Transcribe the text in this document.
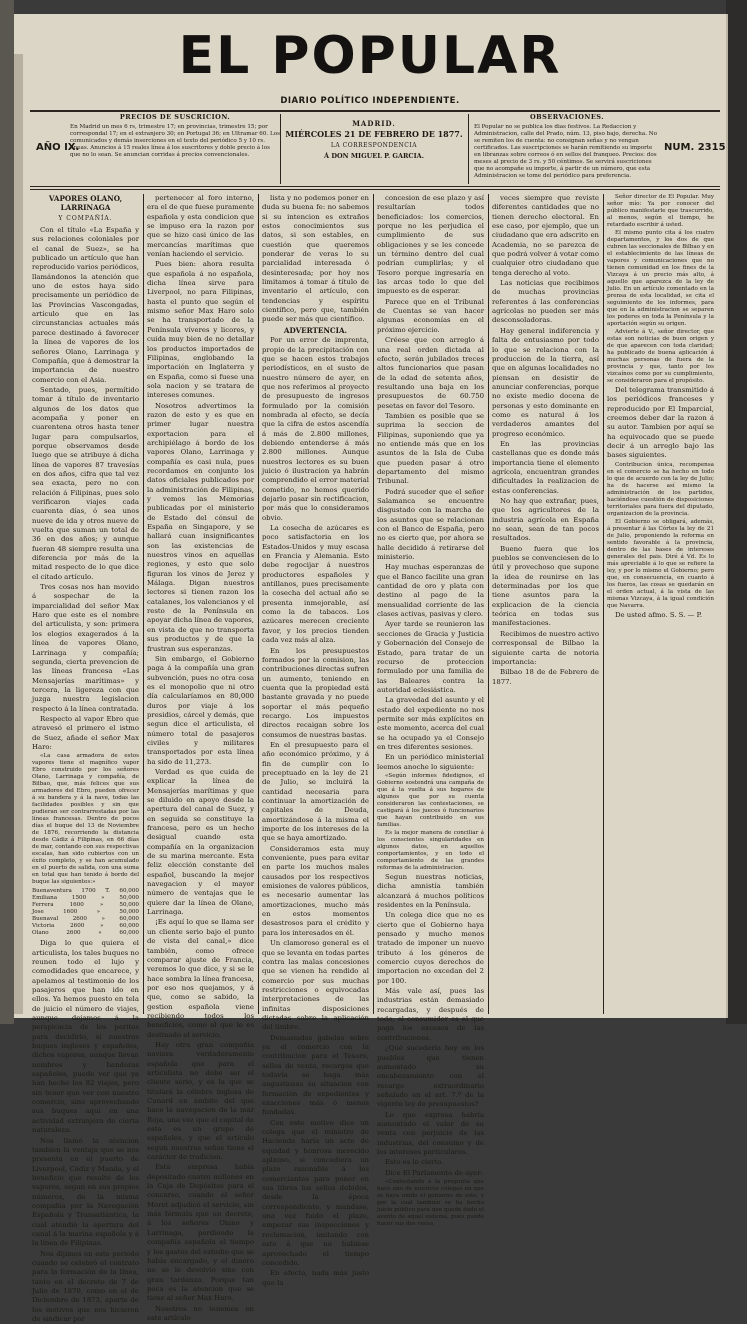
EL POPULAR
DIARIO POLÍTICO INDEPENDIENTE.
PRECIOS DE SUSCRICION.
En Madrid un mes 6 rs, trimestre 17; en provincias, trimestre 15; por correspondal 17; en el extranjero 30; en Portugal 36; en Ultramar 60. Los comunicados y demás inserciones en el texto del periódico 5 y 10 rs. líneas. Anuncios á 15 reales línea á los suscritores y doble precio á los que no lo sean. Se anuncian corridas á precios convencionales.
AÑO IX.
MADRID.
MIÉRCOLES 21 DE FEBRERO DE 1877.
LA CORRESPONDENCIA
Á DON MIGUEL P. GARCIA.
OBSERVACIONES.
El Popular no se publica los dias festivos. La Redaccion y Administracion, calle del Prado, núm. 13, piso bajo, derecha. No se remiten los de cuenta: no consignan señas y no vengan certificados. Las suscripciones se harán remitiendo su importe en libranzas sobre correos ó en sellos del franqueo. Precios: dos meses al precio de 3 rs. y 50 céntimos. Se servirá suscriciones que no acompañe su importe, á partir de un número, que esta Administracion se tome del periódico para preferencia.
NUM. 2315

VAPORES OLANO, LARRINAGA

Y COMPAÑÍA.

Con el título «La España y sus relaciones coloniales por el canal de Suez», se ha publicado un artículo que han reproducido varios periódicos, llamándonos la atención que uno de estos haya sido precisamente un periódico de las Provincias Vascongadas, artículo que en las circunstancias actuales más parece destinado á favorecer la línea de vapores de los señores Olano, Larrinaga y Compañía, que á demostrar la importancia de nuestro comercio con el Asia.

Sentado, pues, permítido tomar á título de inventario algunos de los datos que acompaña y poner en cuarentena otros hasta tener lugar para compulsarlos, porque observamos desde luego que se atribuye á dicha línea de vapores 87 travesías en dos años, cifra que tal vez sea exacta, pero no con relación á Filipinas, pues solo verificaron viajes cada cuarenta días, ó sea unos nueve de ida y otros nueve de vuelta que suman un total de 36 en dos años; y aunque fueran 48 siempre resulta una diferencia por más de la mitad respecto de lo que dice el citado artículo.

Tres cosas nos han movido á sospechar de la imparcialidad del señor Max Haro que este es el nombre del articulista, y son: primera los elogios exagerados á la línea de vapores Olano, Larrinaga y compañía; segunda, cierta prevencion de las líneas francesa «Las Mensajerías marítimas» y tercera, la ligereza con que juzga nuestra legislacion respecto á la línea contratada.

Respecto al vapor Ebro que atravesó el primero el istmo de Suez, añade el señor Max Haro:

«La casa armadora de estos vapores tiene el magnífico vapor Ebro construido por los señores Olano, Larrinaga y compañía, de Bilbao, que, más felices que sus armadores del Ebro, pueden ofrecer á su bandera y á la nave, todas las facilidades posibles y sin que pudieran ser contrarrestadas por las líneas francesas. Dentro de pocos días el buque del 13 de Noviembre de 1876, recorriendo la distancia desde Cádiz á Filipinas, en 66 días de mar, contando con sus respectivas escalas, han sido cubiertos con un éxito completo, y se han acumulado en el puerto de salida, con una suma en total que han tenido á bordo del buque las siguientes:»

Buenaventura 1700 T. 60,000
Emiliana	1500	»	50,000
Ferrera	1600	»	50,000
Jose	1600	»	50,000
Buenaval	2600	»	60,000
Victoria	2600	»	60,000
Olano	2600	»	60,000

Diga lo que quiera el articulista, los tales buques no reunen todo el lujo y comodidades que encarece, y apelamos al testimonio de los pasajeros que han ido en ellos. Ya hemos puesto en tela de juicio el número de viajes, aunque dejamos á la perspicacia de los peritos para decidirlo, si nuestros buques ingleses y españoles, dichos vapores, aunque llevan nombres y banderas españoles, puede ver que ya han hecho los 82 viajes, pero sin tener que ver con nuestro comercio, sino aprovechando sus buques aquí en una actividad extranjera de cierta naturaleza.

Nos llamó la atencion tambien la ventaja que se nos presenta en el puerto de Liverpool, Cádiz y Manila, y el beneficio que resultó de los vapores, segun en sus propios números, de la misma compañía por la Navegación Española y Transatlántica, la cual atendió la apertura del canal á la marina española y á la línea de Filipinas.

Nos dijimos en este periodo cuando se celebró el contrato para la formación de la línea, tanto en el decreto de 7 de Julio de 1870, como en el de Diciembre de 1873, aparte de los motivos que nos hicieron de sindicar por

pertenecer al foro interno, era el de que fuese puramente española y esta condicion que se impuso era la razon por que se hizo casi único de las mercancías marítimas que venían haciendo el servicio.

Pues bien: ahora resulta que española á no española, dicha línea sirve para Liverpool, no para Filipinas, hasta el punto que según el mismo señor Max Haro solo se ha transportado de la Península víveres y licores, y cuida muy bien de no detallar los productos importados de Filipinas, englobando la importación en Inglaterra y en España, como si fuese una sola nacion y se tratara de intereses comunes.

Nosotros advertimos la razon de esto y es que en primer lugar nuestra exportacion para el archipiélago á bordo de los vapores Olano, Larrinaga y compañía es casi nula, pues recordamos en conjunto los datos oficiales publicados por la administración de Filipinas, y vemos las Memorias publicadas por el ministerio de Estado del cónsul de España en Singapore, y se hallará cuan insignificantes son las existencias de nuestros vinos en aquellas regiones, y esto que solo figuran los vinos de Jerez y Málaga. Digan nuestros lectores si tienen razon los catalanes, los valencianos y el resto de la Península en apoyar dicha línea de vapores, en vista de que no transporta sus productos y de que la frustran sus esperanzas.

Sin embargo, el Gobierno paga á la compañía una gran subvención, pues no otra cosa es el monopolio que ni otro día calcularíamos en 80,000 duros por viaje á los presidios, cárcel y demás, que segun dice el articulista, el número total de pasajeros civiles y militares transportados por esta línea ha sido de 11,273.

Verdad es que cuida de explicar la línea de Mensajerías marítimas y que se diluido en apoyo desde la apertura del canal de Suez, y en seguida se constituye la francesa, pero es un hecho desigual cuando esta compañía en la organizacion de su marina mercante. Esta feliz elección constante del español, buscando la mejor navegacion y el mayor número de ventajas que le quiere dar la línea de Olano, Larrinaga.

¡Es aquí lo que se llama ser un cliente serio bajo el punto de vista del canal,» dice también, como ofrece comparar ajuste de Francia, veremos lo que dice, y si se le hace sombra la línea francesa, por eso nos quejamos, y á que, como se sabido, la gestion española viene recibiendo todos los beneficios, como al que le es destinado el servicio.

Hay otra gran compañía naviera verdaderamente española que para el articulista no debe ser el cliente serio, y es la que se titulará la célebre inglesa de Cunard en ámbito del que hace la navegacion de la mar Roja, una vez que el capital de esta es un grupo de españoles, y que el artículo segun nuestras señas tiene el carácter de tradicion.

Esta empresa había depositado cuatro millones en la Caja de Depósitos para el concurso, cuando el señor Moret adjudicó el servicio, sin más fórmula que un decreto, á los señores Olano y Larrinaga, perdiendo la compañía española el tiempo y los gastos del estudio que se había encargado, y el dinero no se le devolvió sino con gran tardanza. Porque tan poca es la atencion que se tiene al señor Max Haro.

Nosotros no tenemos en este artículo

lista y no podemos poner en duda su buena fe: no sabemos si su intencion es extraños estos conocimientos sus datos, si son estables, en cuestión que queremos ponderar de veras lo su parcialidad interesada ó desinteresada; por hoy nos limitamos á tomar á título de inventario el artículo, con tendencias y espíritu científico, pero que, también puede ser más que científico.

ADVERTENCIA.

Por un error de imprenta, propio de la precipitación con que se hacen estos trabajos periodísticos, en el susto de nuestro número de ayer, en que nos referimos al proyecto de presupuesto de ingresos formulado por la comisión nombrada al efecto, se decía que la cifra de estos ascendía á más de 2.800 millones, debiendo entenderse á más 2.800 millones. Aunque nuestros lectores es su buen juicio ó ilustracion ya habrán comprendido el error material cometido, no hemos querido dejarlo pasar sin rectificacion, por más que lo consideramos obvio.

La cosecha de azúcares es poco satisfactoria en los Estados-Unidos y muy escasa en Francia y Alemania. Esto debe regocijar á nuestros productores españoles y antillanos, pues precisamente la cosecha del actual año se presenta inmejorable, así como la de tabacos. Los azúcares merecen creciente favor, y los precios tienden cada vez más al alza.

En los presupuestos formados por la comision, las contribuciones directas sufren un aumento, teniendo en cuenta que la propiedad está bastante gravada y no puede soportar el más pequeño recargo. Los impuestos directos recaigan sobre los consumos de nuestras bastas.

En el presupuesto para el año económico próximo, y á fin de cumplir con lo preceptuado en la ley de 21 de Julio, se incluirá la cantidad necesaria para continuar la amortización de capitales de Deuda, amortizándose á la misma el importe de los intereses de la que se haya amortizado.

Consideramos esta muy conveniente, pues para evitar en parte los muchos males causados por los respectivos emisiones de valores públicos, es necesario aumentar las amortizaciones, mucho más en estos momentos desastrosos para el crédito y para los interesados en él.

Un clamoroso general es el que se levanta en todas partes contra las malas concesiones que se vienen ha rendido al comercio por sus muchas restricciones o equivocadas interpretaciones de las infinitas disposiciones dictadas sobre la aplicación del timbre.

Demasiadas gabelas sobre ya el comercio con la contribucion para el Tesoro, sellos de venta, recargos que todavía se haga más angustiosas su situacion con formación de expedientes y exacciones más ó menos fundadas.

Con este motivo dice un colega que el ministro de Hacienda haría un acto de equidad y honrosa merecido aplauso, si concediera un plazo razonable á los comerciantes para poner en sus libros los sellos debidos, desde la época correspondiente, y mandase, una vez fuido el plazo, empezar sus inspecciones y reclamacion, imitando con esto á que no hubiese aprovechado el tiempo concedido.

En efecto, nada más justo que la

concesion de ese plazo y así resultarían todos beneficiados: los comercios, porque no les perjudica el cumplimiento de sus obligaciones y se les concede un término dentro del cual podrían cumplirlas; y el Tesoro porque ingresaría en las arcas todo lo que del impuesto es de esperar.

Parece que en el Tribunal de Cuentas se van hacer algunas economías en el próximo ejercicio.

Créese que con arreglo á una real orden dictada al efecto, serán jubilados treces altos funcionarios que pasan de la edad de setenta años, resultando una baja en los presupuestos de 60.750 pesetas en favor del Tesoro.

Tambien es posible que se suprima la seccion de Filipinas, suponiendo que ya no entiende más que en los asuntos de la Isla de Cuba que pueden pasar á otro departamento del mismo Tribunal.

Podrá suceder que el señor Salamanca se encuentre disgustado con la marcha de los asuntos que se relacionan con el Banco de España, pero no es cierto que, por ahora se halle decidido á retirarse del ministerio.

Hay muchas esperanzas de que el Banco facilite una gran cantidad de oro y plata con destino al pago de la mensualidad corriente de las clases activas, pasivas y clero.

Ayer tarde se reunieron las secciones de Gracia y Justicia y Gobernación del Consejo de Estado, para tratar de un recurso de proteccion formulado por una familia de las Baleares contra la autoridad eclesiástica.

La gravedad del asunto y el estado del expediente no nos permite ser más explícitos en este momento, acerca del cual se ha ocupado ya el Consejo en tres diferentes sesiones.

En un periódico ministerial leemos anoche lo siguiente:

«Según informes fidedignos, el Gobierno sostendrá una campaña de que á la vuelta á sus hogares de algunos que por su cuenta consideraron las contestaciones, se castigará á los jueces ó funcionarios que hayan contribuido en sus familias.

Es la mejor manera de conciliar á los conscientes singularidades en algunos datos, en aquellos comportamientos, y en todo el comportamiento de las grandes reformas de la administracion.

Segun nuestras noticias, dicha amnistía también alcanzará á muchos políticos residentes en la Península.

Un colega dice que no es cierto que el Gobierno haya pensado y mucho menos tratado de imponer un nuevo tributo á los géneros de comercio cuyos derechos de importacion no excedan del 2 por 100.

Más vale así, pues las industrias están demasiado recargadas, y después de todo, el consumidor es el que paga los excesos de las contribuciones.

¿Qué sucedería hoy en los pueblos que tienen aumentado su encabezamiento con el recargo extraordinario señalado en el art. 7.º de la vigente ley de presupuestos?

Lo que expresa habría aumentado el valor de su venta con perjuicio de las industrias, del consumo y de los intereses particulares.

Esto es lo cierto.

Dice El Parlamento de ayer:

«Contestando á la pregunta que hace uno de nuestros colegas en que se haya unido el gobierno de este, y por la cual también se ha hecho juicio público para que quede dado el asunto de aquel sistema, pues puede hacer sus dos veces

veces siempre que reviste diferentes cantidades que no tienen derecho electoral. En ese caso, por ejemplo, que un ciudadano que era adscrito en Academia, no se parezca de que podrá volver á votar como cualquier otro ciudadano que tenga derecho al voto.

Las noticias que recibimos de muchas provincias referentes á las conferencias agrícolas no pueden ser más desconsoladoras.

Hay general indiferencia y falta de entusiasmo por todo lo que se relaciona con la produccion de la tierra, así que en algunas localidades no piensan en desistir de anunciar conferencias, porque no existe medio docena de personas y esto dominante en como es natural á los verdaderos amantes del progreso económico.

En las provincias castellanas que es donde más importancia tiene el elemento agrícola, encuentran grandes dificultades la realizacion de estas conferencias.

No hay que extrañar, pues, que los agricultores de la industria agrícola en España no sean, sean de tan pocos resultados.

Bueno fuera que los pueblos se convenciesen de lo útil y provechoso que supone la idea de reunirse en las determinadas por los que tiene asuntos para la explicacion de la ciencia teórica en todas sus manifestaciones.

Recibimos de nuestro activo corresponsal de Bilbao la siguiente carta de notoria importancia:

Bilbao 18 de de Febrero de 1877.

Señor director de El Popular. Muy señor mío: Ya por conocer del público manifestarle que trascurrido, al menos, según el tiempo, he retardado escribir á usted.

El mismo punto cita á los cuatro departamentos, y los dos de que cubren las seccionales de Bilbao y en el establecimiento de las líneas de vapores y comunicaciones que no tienen comunidad en los fines de la Vizcaya á un precio más alto, á aquello que aparezca de la ley de Julio. En un artículo comentado en la prensa de esta localidad, se cita el seguimiento de los informes, para que en la administracion se separen los poderes en toda la Península y la aportación según su origen.

Advierte á V., señor director, que estas son noticias de buen origen y de que aparecen con toda claridad; ha publicado de buena aplicación á muchas personas de fuera de la provincia y que, tanto por los vizcaínos como por su cumplimiento, se consideraron para el propósito.

Del telegrama transmitido á los periódicos franceses y reproducido por El Imparcial, creemos deber dar la razon á su autor. Tambien por aquí se ha equivocado que se puede decir á un arreglo bajo las bases siguientes.

Contribucion única, recompensa en el comercio se ha hecho en todo lo que de acuerdo con la ley de Julio; ha de hacerse así mismo la administración de los partidos, haciéndose cuestión de disposiciones territoriales para fuera del diputado, organizacion de la provincia.

El Gobierno se obligará, además, á presentar á las Córtes la ley de 21 de Julio, proponiendo la reforma en sentido favorable á la provincia, dentro de las bases de intereses generales del pais. Diré á Vd. Es lo más apreciable á lo que se refiere la ley, y por lo mismo el Gobierno; pero que, en consecuencia, en cuanto á los fueros, las cosas se quedarán en el orden actual, á la vista de las mismas Vizcaya, á la igual condición que Navarra.

De usted afmo. S. S. — P.
